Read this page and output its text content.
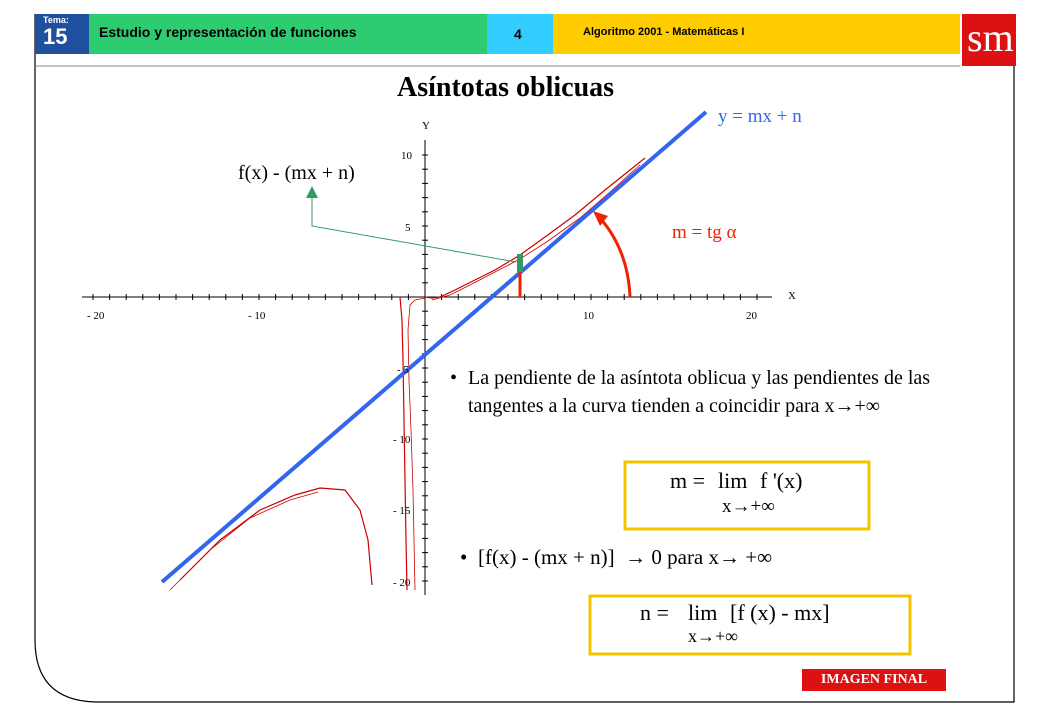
Tema:
15 Estudio y representación de funciones	4	Algoritmo 2001 - Matemáticas I	sm
Asíntotas oblicuas
Y
X
- 20	- 10	10	20
10
5
- 5
- 10
- 15
- 20
y = mx + n
f(x) - (mx + n)
m = tg α
• La pendiente de la asíntota oblicua y las pendientes de las tangentes a la curva tienden a coincidir para x→+∞
m = lim f '(x)
x→+∞
• [f(x) - (mx + n)]  → 0 para x→ +∞
n = lim [f (x) - mx]
x→+∞
IMAGEN FINAL
